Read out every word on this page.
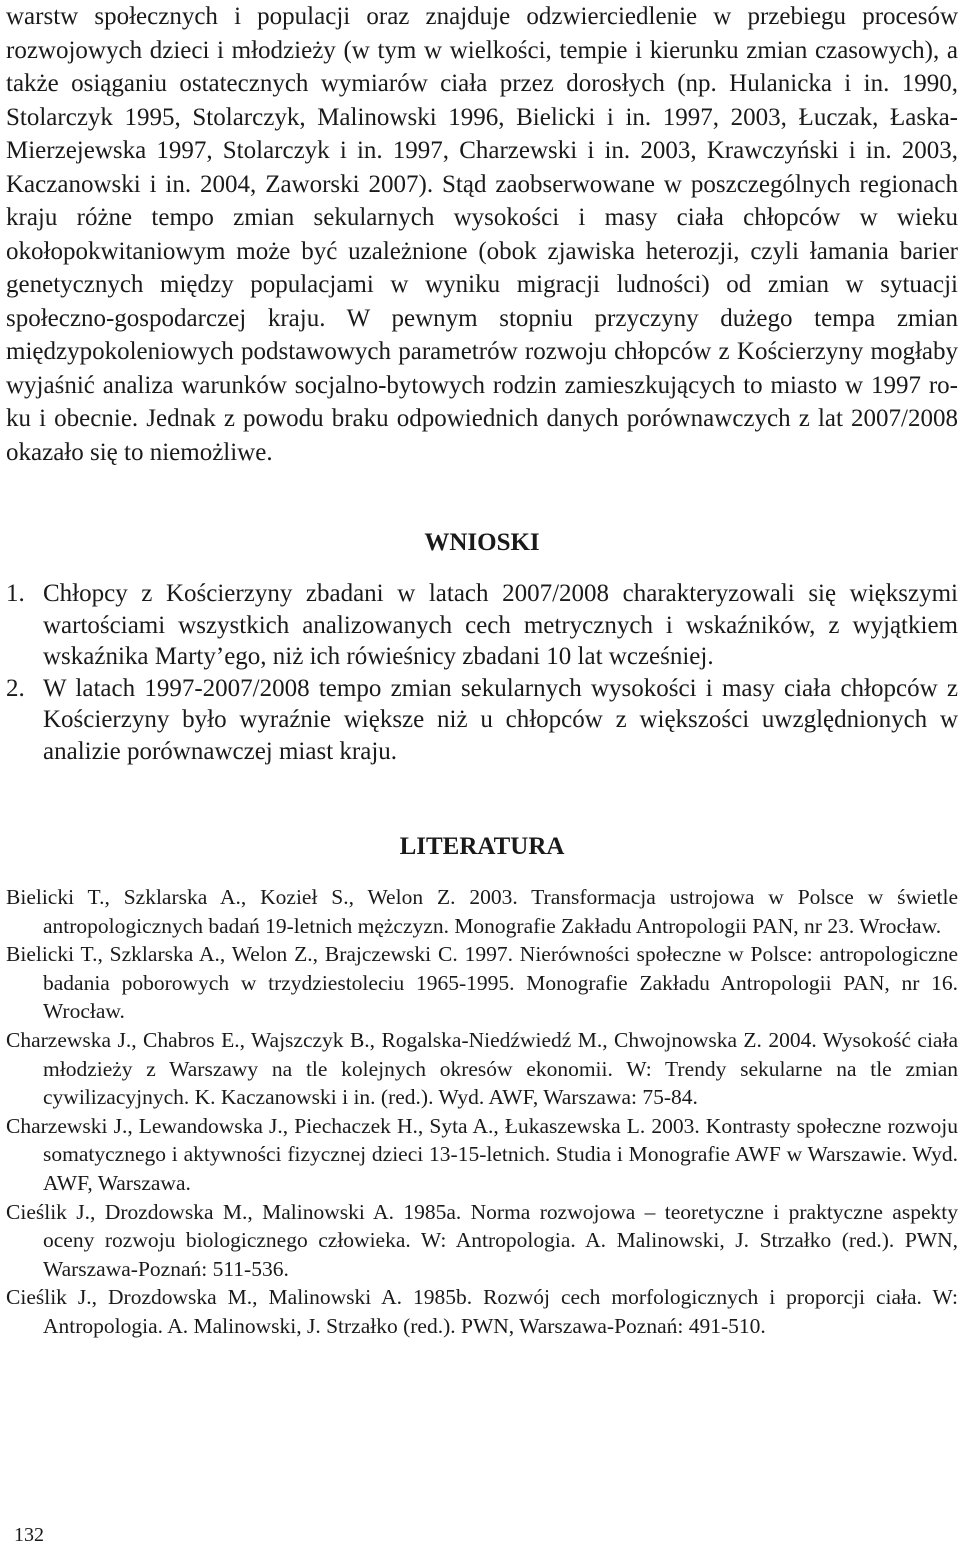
warstw społecznych i populacji oraz znajduje odzwierciedlenie w przebiegu procesów rozwojowych dzieci i młodzieży (w tym w wielkości, tempie i kierunku zmian czasowych), a także osiąganiu ostatecznych wymiarów ciała przez dorosłych (np. Hulanicka i in. 1990, Stolarczyk 1995, Stolarczyk, Malinowski 1996, Bielicki i in. 1997, 2003, Łuczak, Łaska-Mierzejewska 1997, Stolarczyk i in. 1997, Charzewski i in. 2003, Krawczyński i in. 2003, Kaczanowski i in. 2004, Zaworski 2007). Stąd zaobserwowane w poszczególnych regionach kraju różne tempo zmian sekularnych wysokości i masy ciała chłopców w wieku okołopokwitaniowym może być uzależnione (obok zjawiska heterozji, czyli łamania barier genetycznych między populacjami w wyniku migracji ludności) od zmian w sytuacji społeczno-gospodarczej kraju. W pewnym stopniu przyczyny dużego tempa zmian międzypokoleniowych podstawowych parametrów rozwoju chłopców z Kościerzyny mogłaby wyjaśnić analiza warunków socjalno-bytowych rodzin zamieszkujących to miasto w 1997 roku i obecnie. Jednak z powodu braku odpowiednich danych porównawczych z lat 2007/2008 okazało się to niemożliwe.

WNIOSKI
1. Chłopcy z Kościerzyny zbadani w latach 2007/2008 charakteryzowali się większymi wartościami wszystkich analizowanych cech metrycznych i wskaźników, z wyjątkiem wskaźnika Marty’ego, niż ich rówieśnicy zbadani 10 lat wcześniej.
2. W latach 1997-2007/2008 tempo zmian sekularnych wysokości i masy ciała chłopców z Kościerzyny było wyraźnie większe niż u chłopców z większości uwzględnionych w analizie porównawczej miast kraju.
LITERATURA
Bielicki T., Szklarska A., Kozieł S., Welon Z. 2003. Transformacja ustrojowa w Polsce w świetle antropologicznych badań 19-letnich mężczyzn. Monografie Zakładu Antropologii PAN, nr 23. Wrocław.
Bielicki T., Szklarska A., Welon Z., Brajczewski C. 1997. Nierówności społeczne w Polsce: antropologiczne badania poborowych w trzydziestoleciu 1965-1995. Monografie Zakładu Antropologii PAN, nr 16. Wrocław.
Charzewska J., Chabros E., Wajszczyk B., Rogalska-Niedźwiedź M., Chwojnowska Z. 2004. Wysokość ciała młodzieży z Warszawy na tle kolejnych okresów ekonomii. W: Trendy sekularne na tle zmian cywilizacyjnych. K. Kaczanowski i in. (red.). Wyd. AWF, Warszawa: 75-84.
Charzewski J., Lewandowska J., Piechaczek H., Syta A., Łukaszewska L. 2003. Kontrasty społeczne rozwoju somatycznego i aktywności fizycznej dzieci 13-15-letnich. Studia i Monografie AWF w Warszawie. Wyd. AWF, Warszawa.
Cieślik J., Drozdowska M., Malinowski A. 1985a. Norma rozwojowa – teoretyczne i praktyczne aspekty oceny rozwoju biologicznego człowieka. W: Antropologia. A. Malinowski, J. Strzałko (red.). PWN, Warszawa-Poznań: 511-536.
Cieślik J., Drozdowska M., Malinowski A. 1985b. Rozwój cech morfologicznych i proporcji ciała. W: Antropologia. A. Malinowski, J. Strzałko (red.). PWN, Warszawa-Poznań: 491-510.
132
